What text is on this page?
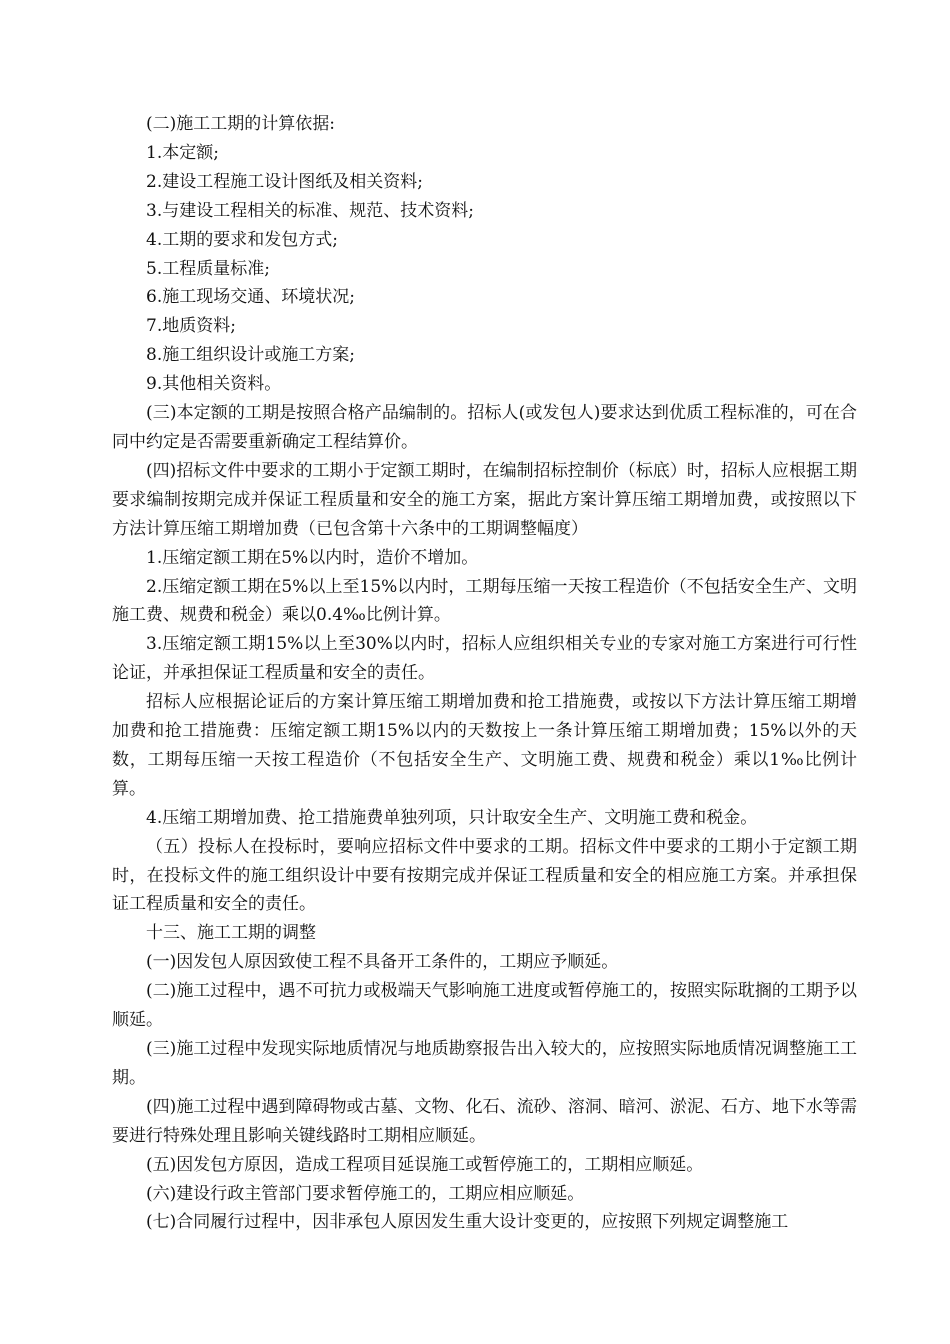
(二)施工工期的计算依据:

1.本定额;

2.建设工程施工设计图纸及相关资料;

3.与建设工程相关的标准、规范、技术资料;

4.工期的要求和发包方式;

5.工程质量标准;

6.施工现场交通、环境状况;

7.地质资料;

8.施工组织设计或施工方案;

9.其他相关资料。

(三)本定额的工期是按照合格产品编制的。招标人(或发包人)要求达到优质工程标准的，可在合同中约定是否需要重新确定工程结算价。

(四)招标文件中要求的工期小于定额工期时，在编制招标控制价（标底）时，招标人应根据工期要求编制按期完成并保证工程质量和安全的施工方案，据此方案计算压缩工期增加费，或按照以下方法计算压缩工期增加费（已包含第十六条中的工期调整幅度）

1.压缩定额工期在5%以内时，造价不增加。

2.压缩定额工期在5%以上至15%以内时，工期每压缩一天按工程造价（不包括安全生产、文明施工费、规费和税金）乘以0.4‰比例计算。

3.压缩定额工期15%以上至30%以内时，招标人应组织相关专业的专家对施工方案进行可行性论证，并承担保证工程质量和安全的责任。

招标人应根据论证后的方案计算压缩工期增加费和抢工措施费，或按以下方法计算压缩工期增加费和抢工措施费：压缩定额工期15%以内的天数按上一条计算压缩工期增加费；15%以外的天数，工期每压缩一天按工程造价（不包括安全生产、文明施工费、规费和税金）乘以1‰比例计算。

4.压缩工期增加费、抢工措施费单独列项，只计取安全生产、文明施工费和税金。

（五）投标人在投标时，要响应招标文件中要求的工期。招标文件中要求的工期小于定额工期时，在投标文件的施工组织设计中要有按期完成并保证工程质量和安全的相应施工方案。并承担保证工程质量和安全的责任。

十三、施工工期的调整

(一)因发包人原因致使工程不具备开工条件的，工期应予顺延。

(二)施工过程中，遇不可抗力或极端天气影响施工进度或暂停施工的，按照实际耽搁的工期予以顺延。

(三)施工过程中发现实际地质情况与地质勘察报告出入较大的，应按照实际地质情况调整施工工期。

(四)施工过程中遇到障碍物或古墓、文物、化石、流砂、溶洞、暗河、淤泥、石方、地下水等需要进行特殊处理且影响关键线路时工期相应顺延。

(五)因发包方原因，造成工程项目延误施工或暂停施工的，工期相应顺延。

(六)建设行政主管部门要求暂停施工的，工期应相应顺延。

(七)合同履行过程中，因非承包人原因发生重大设计变更的，应按照下列规定调整施工
